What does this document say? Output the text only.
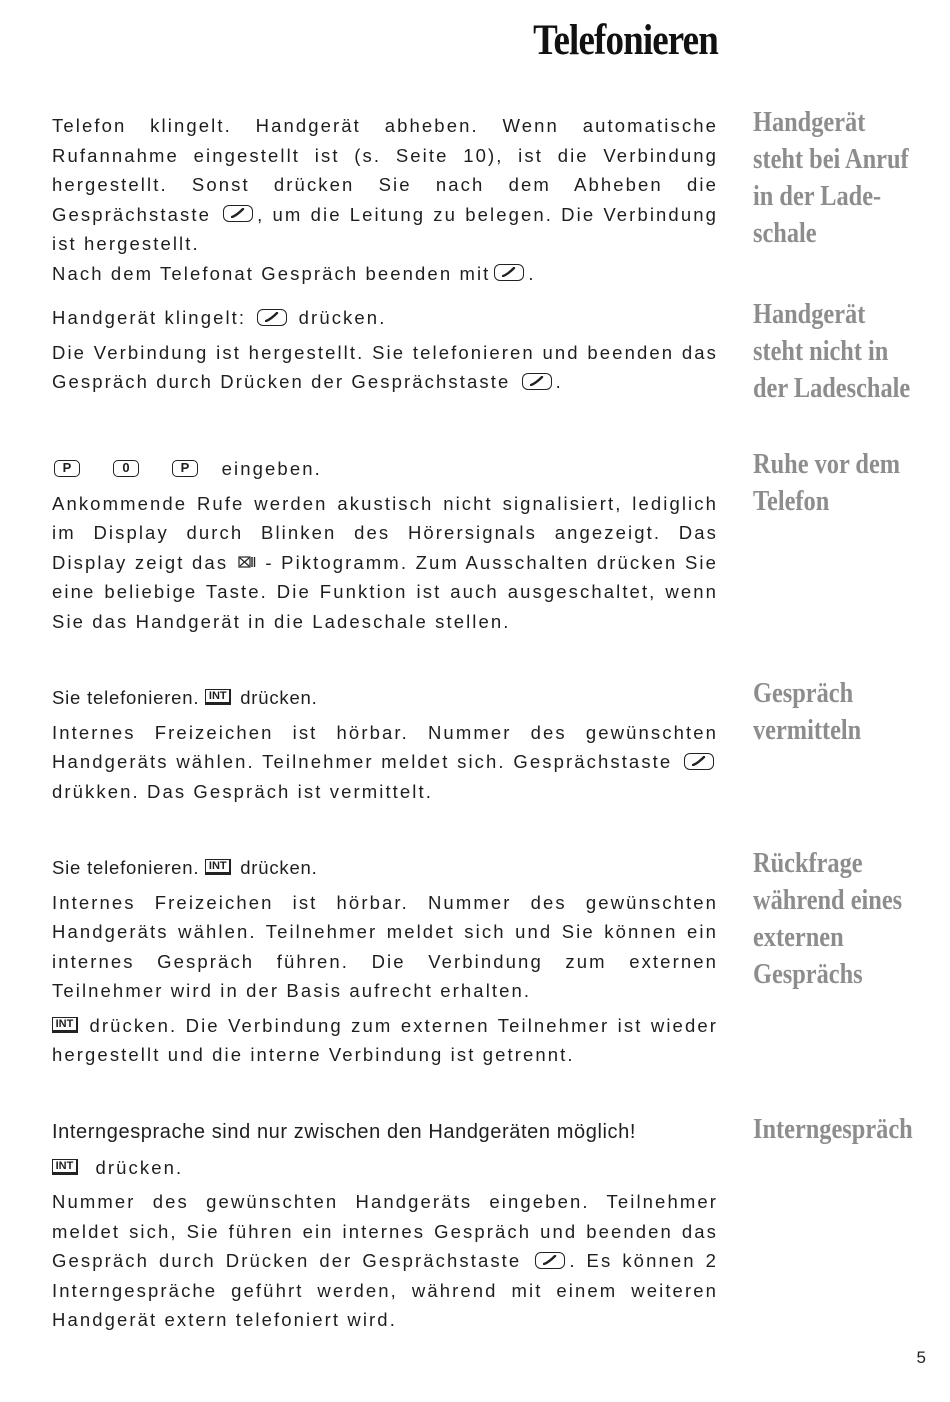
Telefonieren

Telefon klingelt. Handgerät abheben. Wenn automatische Rufannahme eingestellt ist (s. Seite 10), ist die Verbindung hergestellt. Sonst drücken Sie nach dem Abheben die Gesprächstaste , um die Leitung zu belegen. Die Verbindung ist hergestellt.

Nach dem Telefonat Gespräch beenden mit .

Handgerät
steht bei Anruf
in der Lade-
schale

Handgerät klingelt:	drücken.

Die Verbindung ist hergestellt. Sie telefonieren und beenden das Gespräch durch Drücken der Gesprächstaste .

Handgerät
steht nicht in
der Ladeschale

P	0	P eingeben.

Ankommende Rufe werden akustisch nicht signalisiert, lediglich im Display durch Blinken des Hörersignals angezeigt. Das Display zeigt das - Piktogramm. Zum Ausschalten drücken Sie eine beliebige Taste. Die Funktion ist auch ausgeschaltet, wenn Sie das Handgerät in die Ladeschale stellen.

Ruhe vor dem
Telefon

Sie telefonieren. INT drücken.

Internes Freizeichen ist hörbar. Nummer des gewünschten Handgeräts wählen. Teilnehmer meldet sich. Gesprächstaste
drükken. Das Gespräch ist vermittelt.

Gespräch
vermitteln

Sie telefonieren. INT drücken.

Internes Freizeichen ist hörbar. Nummer des gewünschten Handgeräts wählen. Teilnehmer meldet sich und Sie können ein internes Gespräch führen. Die Verbindung zum externen Teilnehmer wird in der Basis aufrecht erhalten.

INT drücken. Die Verbindung zum externen Teilnehmer ist wieder hergestellt und die interne Verbindung ist getrennt.

Rückfrage
während eines
externen
Gesprächs

Interngesprache sind nur zwischen den Handgeräten möglich!

INT drücken.

Nummer des gewünschten Handgeräts eingeben. Teilnehmer meldet sich, Sie führen ein internes Gespräch und beenden das Gespräch durch Drücken der Gesprächstaste	. Es können 2 Interngespräche geführt werden, während mit einem weiteren Handgerät extern telefoniert wird.

Interngespräch
5
